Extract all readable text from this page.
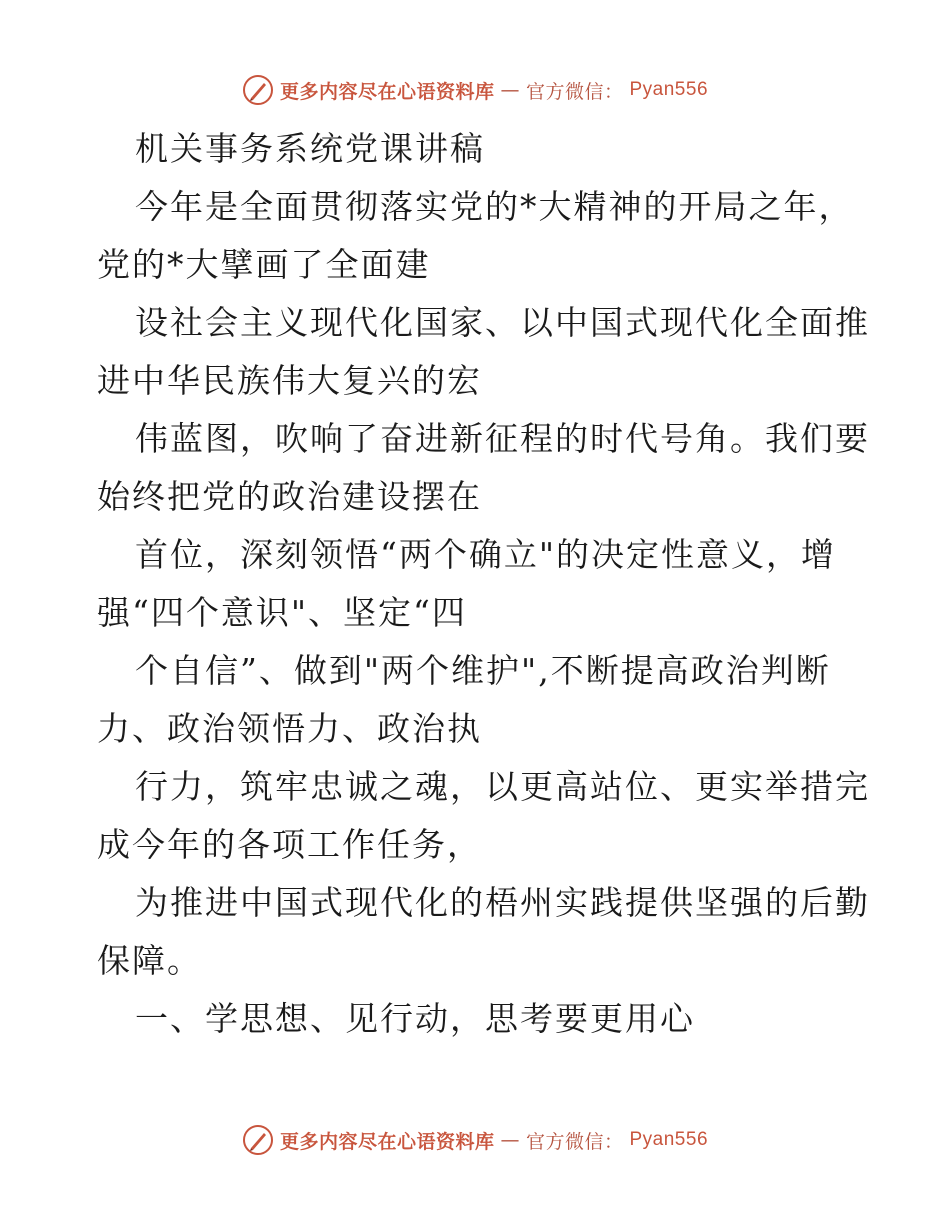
更多内容尽在心语资料库 — 官方微信： Pyan556
机关事务系统党课讲稿
今年是全面贯彻落实党的*大精神的开局之年，
党的*大擘画了全面建
设社会主义现代化国家、以中国式现代化全面推
进中华民族伟大复兴的宏
伟蓝图，吹响了奋进新征程的时代号角。我们要
始终把党的政治建设摆在
首位，深刻领悟“两个确立"的决定性意义，增
强“四个意识"、坚定“四
个自信”、做到"两个维护",不断提高政治判断
力、政治领悟力、政治执
行力，筑牢忠诚之魂，以更高站位、更实举措完
成今年的各项工作任务，
为推进中国式现代化的梧州实践提供坚强的后勤
保障。
一、学思想、见行动，思考要更用心
更多内容尽在心语资料库 — 官方微信： Pyan556
